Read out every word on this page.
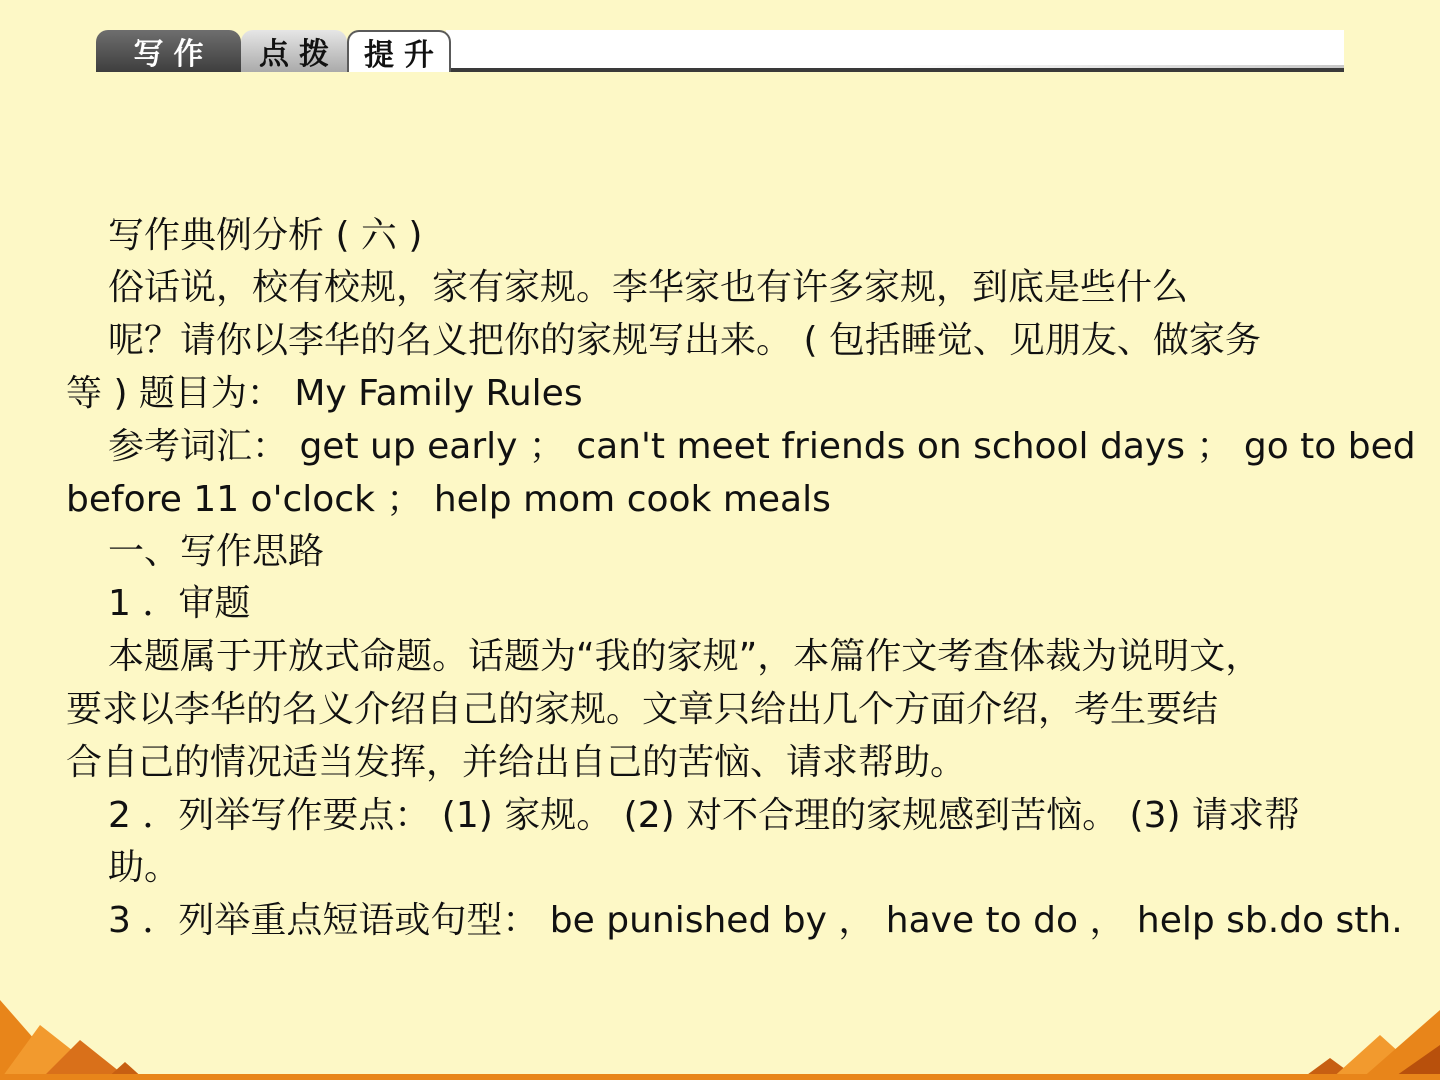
写作	点拨 提升
写作典例分析 ( 六 )
俗话说，校有校规，家有家规。李华家也有许多家规，到底是些什么
呢？请你以李华的名义把你的家规写出来。 ( 包括睡觉、见朋友、做家务
等 ) 题目为： My Family Rules
参考词汇： get up early ； can't meet friends on school days ； go to bed
before 11 o'clock ； help mom cook meals
一、写作思路
1 ．审题
本题属于开放式命题。话题为“我的家规”，本篇作文考查体裁为说明文，
要求以李华的名义介绍自己的家规。文章只给出几个方面介绍，考生要结
合自己的情况适当发挥，并给出自己的苦恼、请求帮助。
2 ．列举写作要点： (1) 家规。 (2) 对不合理的家规感到苦恼。 (3) 请求帮
助。
3 ．列举重点短语或句型： be punished by ， have to do ， help sb.do sth.
